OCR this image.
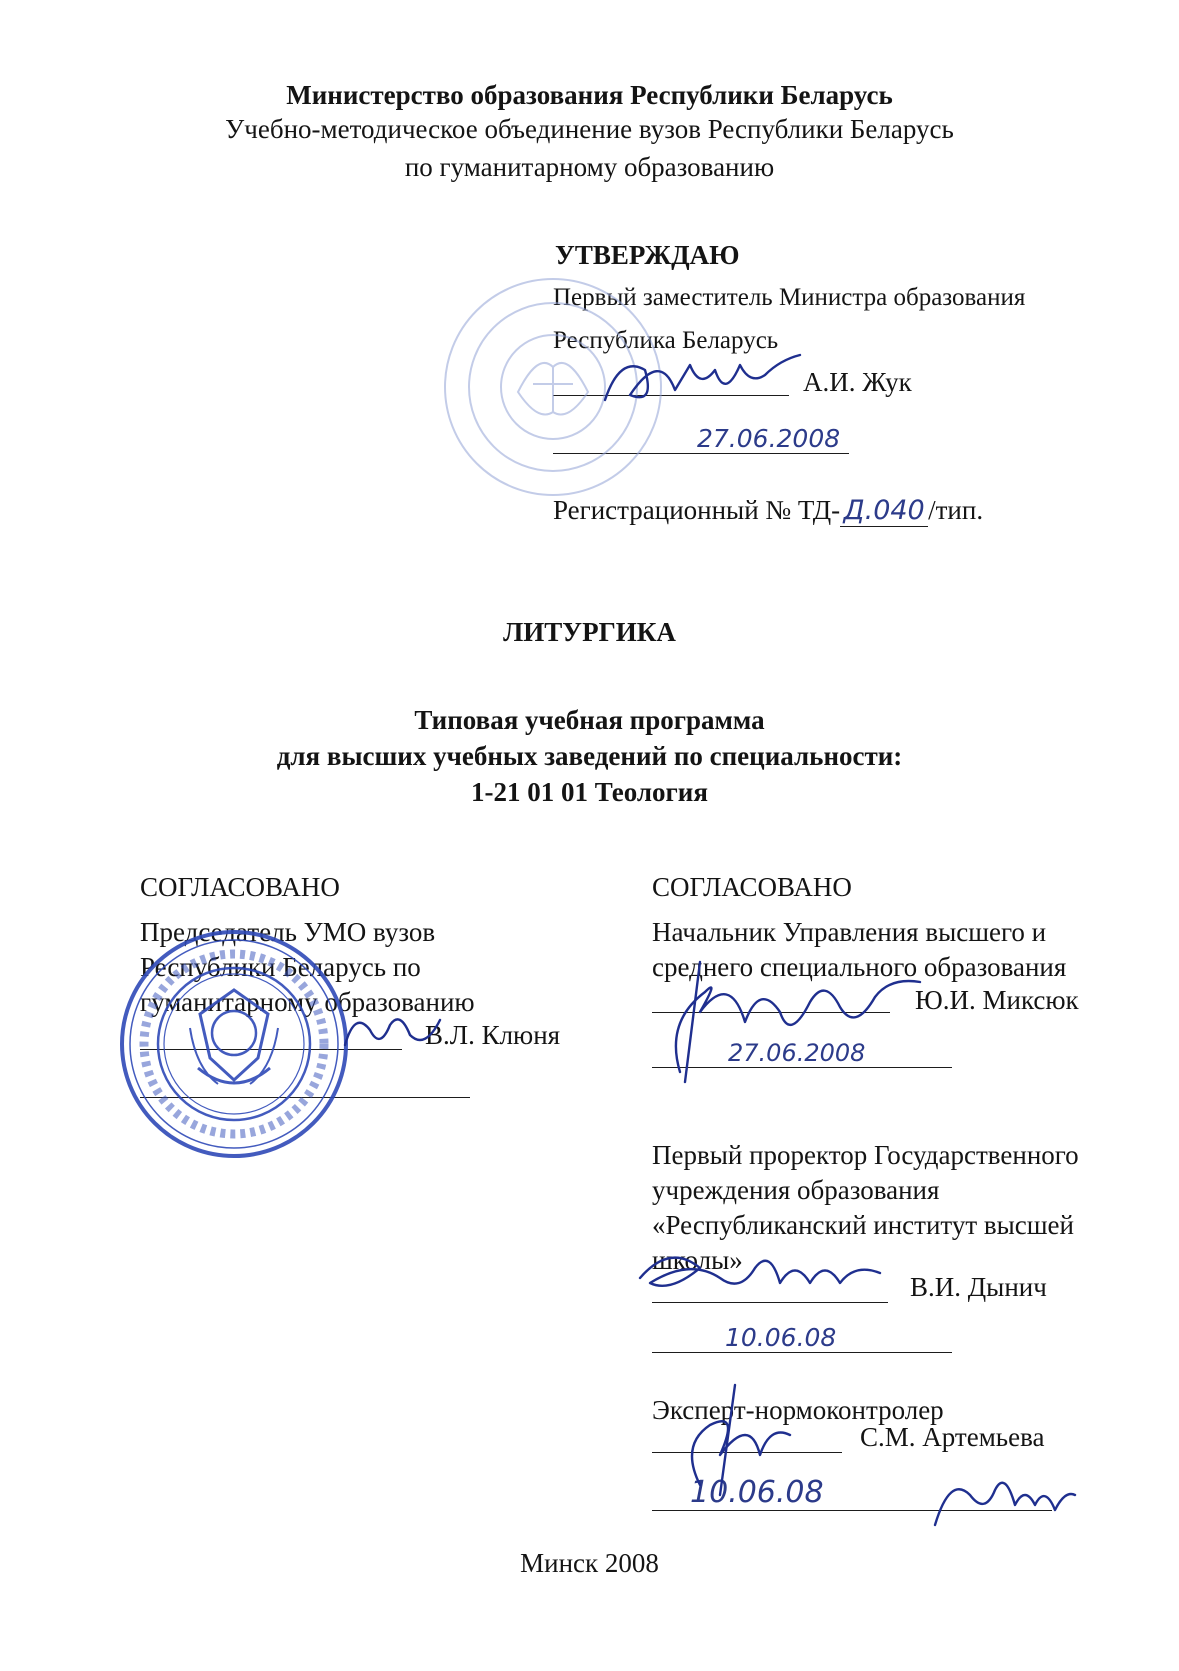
Министерство образования Республики Беларусь
Учебно-методическое объединение вузов Республики Беларусь
по гуманитарному образованию
УТВЕРЖДАЮ
Первый заместитель Министра образования
Республика Беларусь
А.И. Жук
27.06.2008
Регистрационный № ТД- Д.040 /тип.
ЛИТУРГИКА
Типовая учебная программа
для высших учебных заведений по специальности:
1-21 01 01 Теология
СОГЛАСОВАНО
Председатель УМО вузов
Республики Беларусь по
гуманитарному образованию
В.Л. Клюня
СОГЛАСОВАНО
Начальник Управления высшего и
среднего специального образования
Ю.И. Миксюк
27.06.2008
Первый проректор Государственного
учреждения образования
«Республиканский институт высшей
школы»
В.И. Дынич
10.06.08
Эксперт-нормоконтролер
С.М. Артемьева
10.06.08
Минск 2008
